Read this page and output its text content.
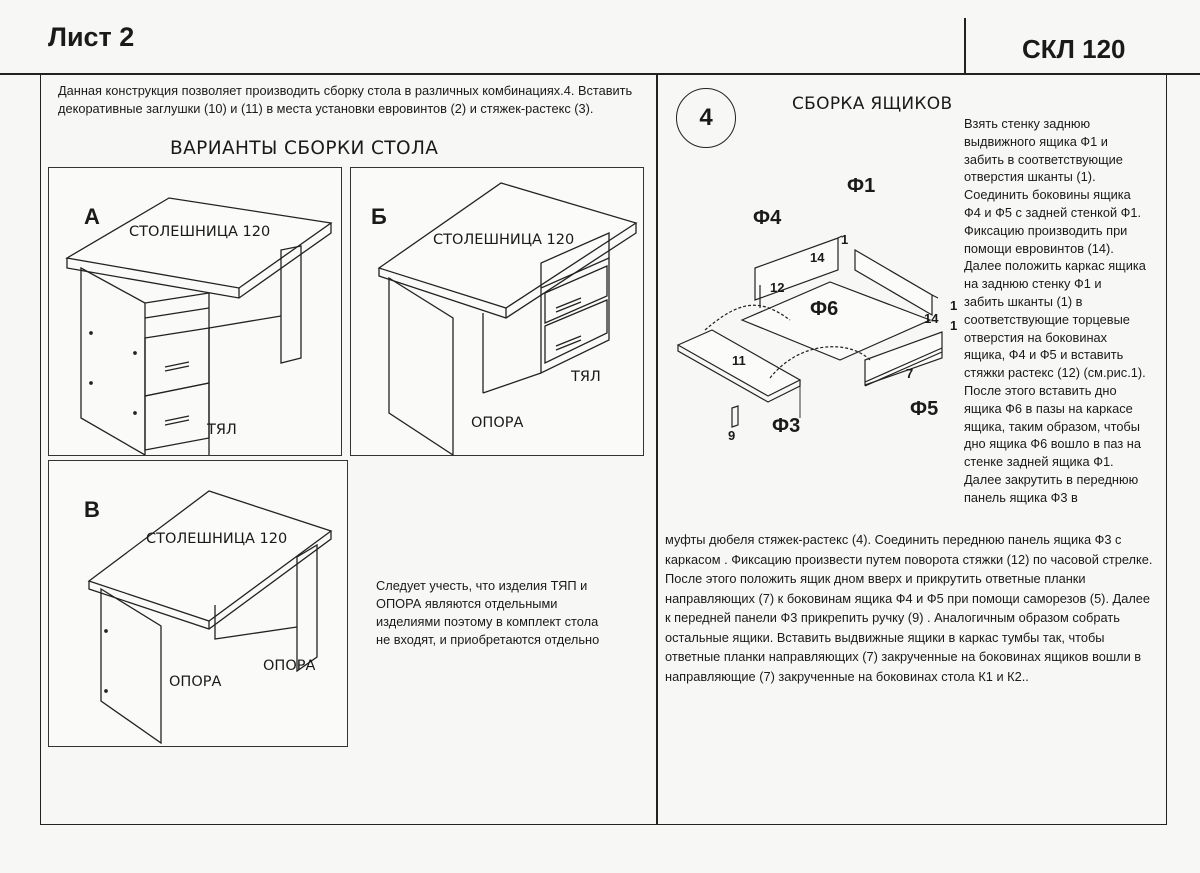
Лист 2	СКЛ 120
Данная конструкция позволяет производить сборку стола в различных комбинациях.4. Вставить
декоративные заглушки (10) и (11) в места установки евровинтов (2) и стяжек-растекс (3).
ВАРИАНТЫ СБОРКИ СТОЛА
А
СТОЛЕШНИЦА 120
ТЯЛ
Б
СТОЛЕШНИЦА 120
ТЯЛ
ОПОРА
В
СТОЛЕШНИЦА 120
ОПОРА
ОПОРА
Следует учесть, что изделия ТЯП и
ОПОРА являются отдельными
изделиями поэтому в комплект стола
не входят, и приобретаются отдельно
4	СБОРКА ЯЩИКОВ
Ф1
Ф4
Ф6
Ф5
Ф3
1
14
12
1
14 1
7
11
9
Взять стенку заднюю
выдвижного ящика Ф1 и
забить в соответствующие
отверстия шканты (1).
Соединить боковины ящика
Ф4 и Ф5 с задней стенкой Ф1.
Фиксацию производить при
помощи евровинтов (14).
Далее положить каркас ящика
на заднюю стенку Ф1 и
забить шканты (1) в
соответствующие торцевые
отверстия на боковинах
ящика, Ф4 и Ф5 и вставить
стяжки растекс (12) (см.рис.1).
После этого вставить дно
ящика Ф6 в пазы на каркасе
ящика, таким образом, чтобы
дно ящика Ф6 вошло в паз на
стенке задней ящика Ф1.
Далее закрутить в переднюю
панель ящика Ф3 в
муфты дюбеля стяжек-растекс (4). Соединить переднюю панель ящика Ф3 с
каркасом . Фиксацию произвести путем поворота стяжки (12) по часовой стрелке.
После этого положить ящик дном вверх и прикрутить ответные планки
направляющих (7) к боковинам ящика Ф4 и Ф5 при помощи саморезов (5). Далее
к передней панели Ф3 прикрепить ручку (9) . Аналогичным образом собрать
остальные ящики. Вставить выдвижные ящики в каркас тумбы так, чтобы
ответные планки направляющих (7) закрученные на боковинах ящиков вошли в
направляющие (7) закрученные на боковинах стола К1 и К2..
